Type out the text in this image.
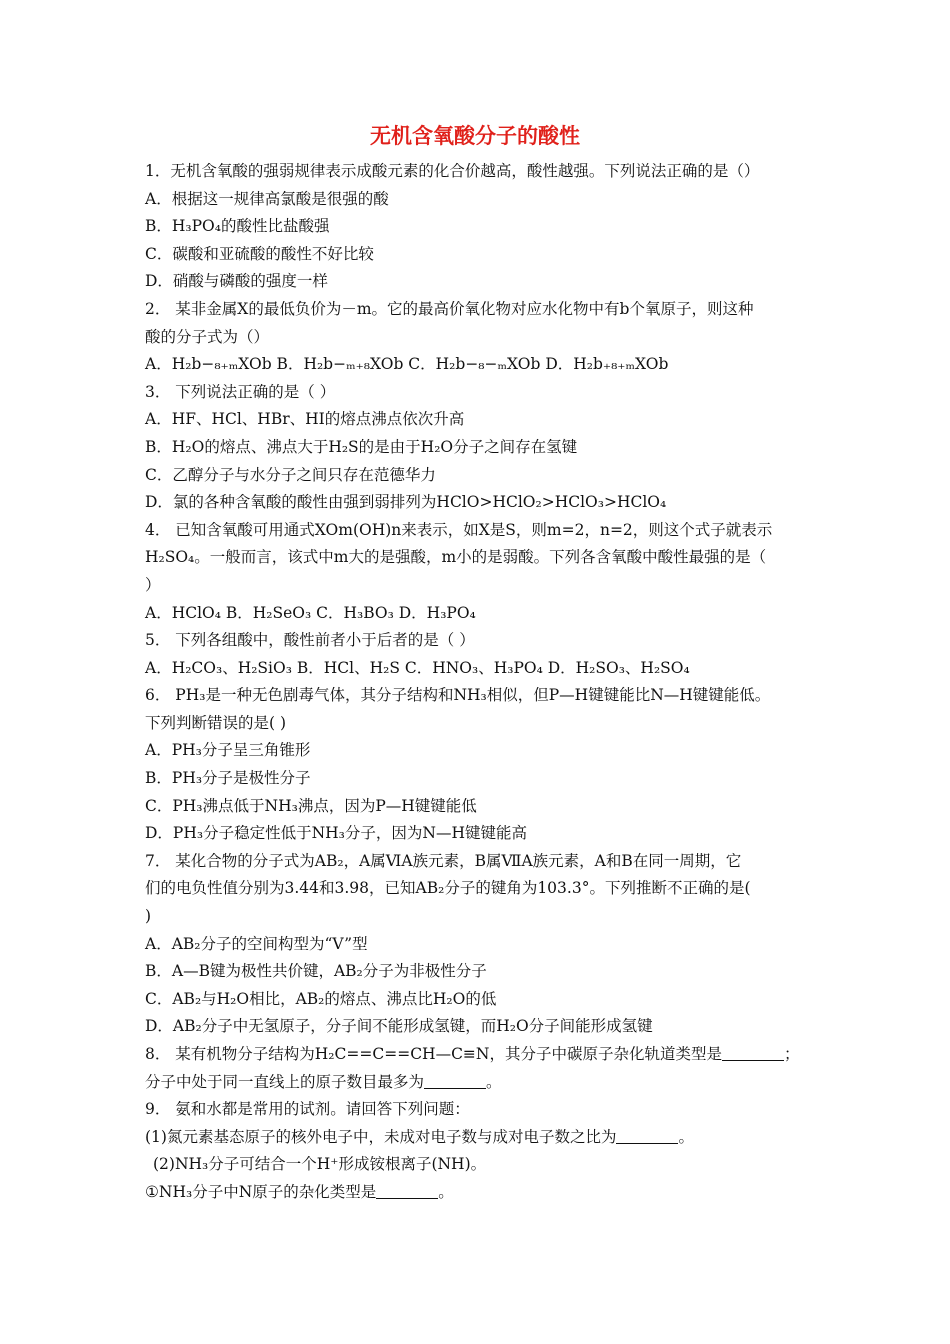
无机含氧酸分子的酸性
1．无机含氧酸的强弱规律表示成酸元素的化合价越高，酸性越强。下列说法正确的是（）
A．根据这一规律高氯酸是很强的酸
B．H₃PO₄的酸性比盐酸强
C．碳酸和亚硫酸的酸性不好比较
D．硝酸与磷酸的强度一样
2． 某非金属X的最低负价为－m。它的最高价氧化物对应水化物中有b个氧原子，则这种
酸的分子式为（）
A．H₂b−₈₊ₘXOb B．H₂b−ₘ₊₈XOb C．H₂b−₈−ₘXOb D．H₂b₊₈₊ₘXOb
3． 下列说法正确的是（ ）
A．HF、HCl、HBr、HI的熔点沸点依次升高
B．H₂O的熔点、沸点大于H₂S的是由于H₂O分子之间存在氢键
C．乙醇分子与水分子之间只存在范德华力
D．氯的各种含氧酸的酸性由强到弱排列为HClO>HClO₂>HClO₃>HClO₄
4． 已知含氧酸可用通式XOm(OH)n来表示，如X是S，则m=2，n=2，则这个式子就表示
H₂SO₄。一般而言，该式中m大的是强酸，m小的是弱酸。下列各含氧酸中酸性最强的是（
）
A．HClO₄ B．H₂SeO₃ C．H₃BO₃ D．H₃PO₄
5． 下列各组酸中，酸性前者小于后者的是（ ）
A．H₂CO₃、H₂SiO₃ B．HCl、H₂S C．HNO₃、H₃PO₄ D．H₂SO₃、H₂SO₄
6． PH₃是一种无色剧毒气体，其分子结构和NH₃相似，但P—H键键能比N—H键键能低。
下列判断错误的是( )
A．PH₃分子呈三角锥形
B．PH₃分子是极性分子
C．PH₃沸点低于NH₃沸点，因为P—H键键能低
D．PH₃分子稳定性低于NH₃分子，因为N—H键键能高
7． 某化合物的分子式为AB₂，A属ⅥA族元素，B属ⅦA族元素，A和B在同一周期，它
们的电负性值分别为3.44和3.98，已知AB₂分子的键角为103.3°。下列推断不正确的是(
)
A．AB₂分子的空间构型为“V”型
B．A—B键为极性共价键，AB₂分子为非极性分子
C．AB₂与H₂O相比，AB₂的熔点、沸点比H₂O的低
D．AB₂分子中无氢原子，分子间不能形成氢键，而H₂O分子间能形成氢键
8． 某有机物分子结构为H₂C==C==CH—C≡N，其分子中碳原子杂化轨道类型是	；
分子中处于同一直线上的原子数目最多为	。
9． 氨和水都是常用的试剂。请回答下列问题：
(1)氮元素基态原子的核外电子中，未成对电子数与成对电子数之比为	。
(2)NH₃分子可结合一个H⁺形成铵根离子(NH)。
①NH₃分子中N原子的杂化类型是	。
